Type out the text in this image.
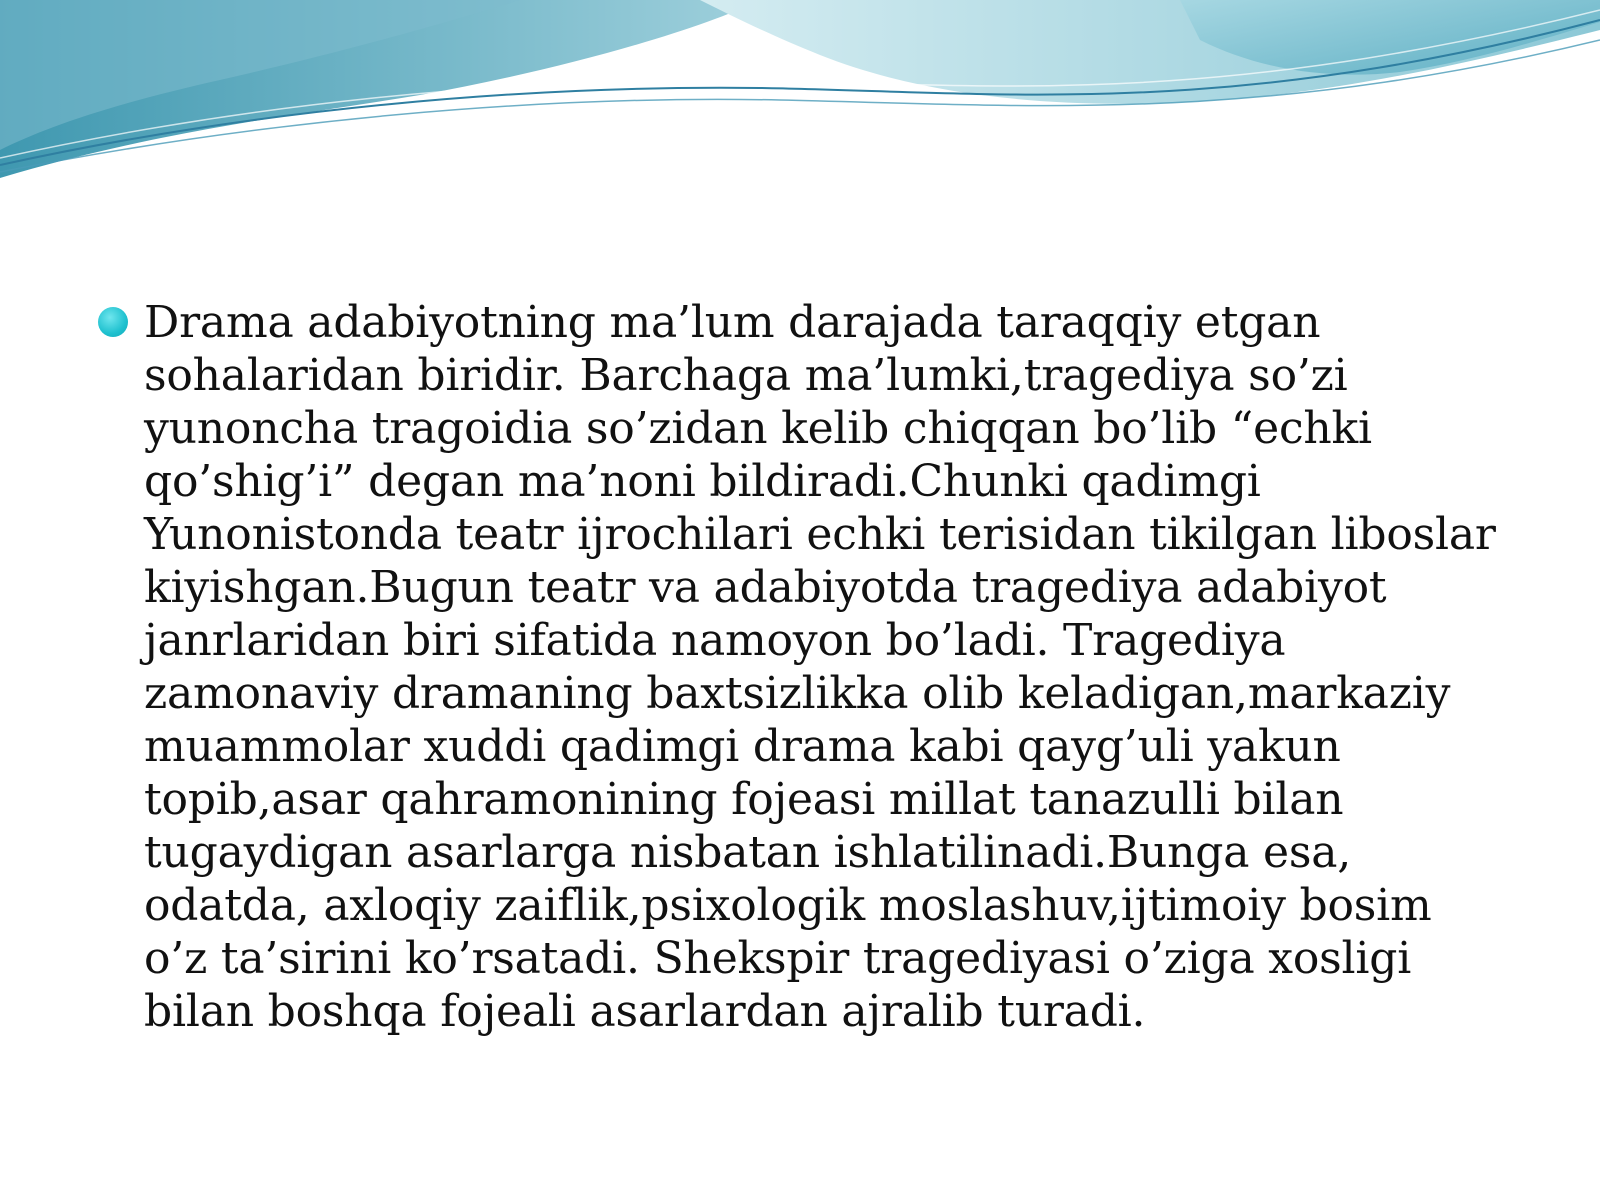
Drama adabiyotning ma’lum darajada taraqqiy etgan sohalaridan biridir. Barchaga ma’lumki,tragediya so’zi yunoncha tragoidia so’zidan kelib chiqqan bo’lib “echki qo’shig’i” degan ma’noni bildiradi.Chunki qadimgi Yunonistonda teatr ijrochilari echki terisidan tikilgan liboslar kiyishgan.Bugun teatr va adabiyotda tragediya adabiyot janrlaridan biri sifatida namoyon bo’ladi. Tragediya zamonaviy dramaning baxtsizlikka olib keladigan,markaziy muammolar xuddi qadimgi drama kabi qayg’uli yakun topib,asar qahramonining fojeasi millat tanazulli bilan tugaydigan asarlarga nisbatan ishlatilinadi.Bunga esa, odatda, axloqiy zaiflik,psixologik moslashuv,ijtimoiy bosim o’z ta’sirini ko’rsatadi. Shekspir tragediyasi o’ziga xosligi bilan boshqa fojeali asarlardan ajralib turadi.
